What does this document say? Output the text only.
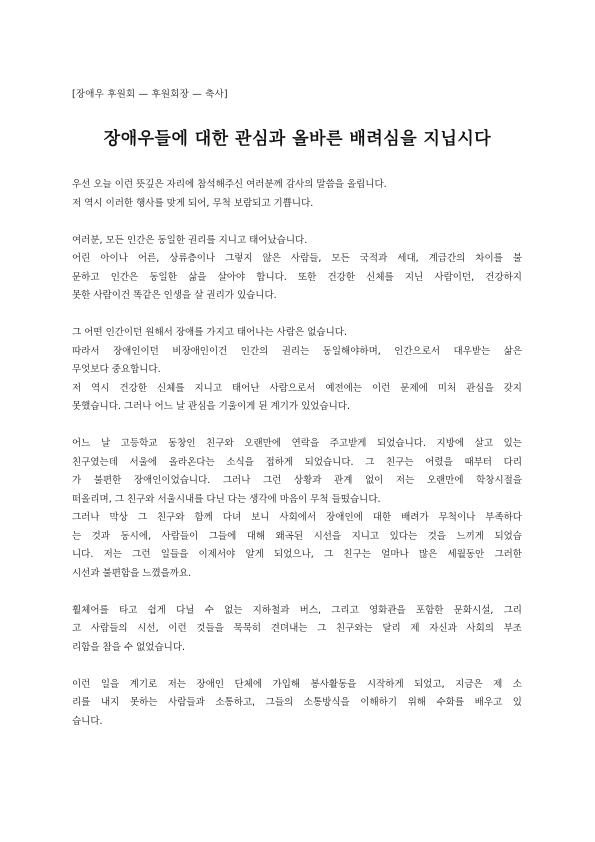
[장애우 후원회 — 후원회장 — 축사]
장애우들에 대한 관심과 올바른 배려심을 지닙시다

우선 오늘 이런 뜻깊은 자리에 참석해주신 여러분께 감사의 말씀을 올립니다.
저 역시 이러한 행사를 맞게 되어, 무척 보람되고 기쁩니다.

여러분, 모든 인간은 동일한 권리를 지니고 태어났습니다.
어린 아이나 어른, 상류층이나 그렇지 않은 사람들, 모든 국적과 세대, 계급간의 차이를 불
문하고 인간은 동일한 삶을 살아야 합니다. 또한 건강한 신체를 지닌 사람이던, 건강하지
못한 사람이건 똑같은 인생을 살 권리가 있습니다.

그 어떤 인간이던 원해서 장애를 가지고 태어나는 사람은 없습니다.
따라서 장애인이던 비장애인이건 인간의 권리는 동일해야하며, 인간으로서 대우받는 삶은
무엇보다 중요합니다.
저 역시 건강한 신체를 지니고 태어난 사람으로서 예전에는 이런 문제에 미처 관심을 갖지
못했습니다. 그러나 어느 날 관심을 기울이게 된 계기가 있었습니다.

어느 날 고등학교 동창인 친구와 오랜만에 연락을 주고받게 되었습니다. 지방에 살고 있는
친구였는데 서울에 올라온다는 소식을 접하게 되었습니다. 그 친구는 어렸을 때부터 다리
가 불편한 장애인이었습니다. 그러나 그런 상황과 관계 없이 저는 오랜만에 학창시절을
떠올리며, 그 친구와 서울시내를 다닌 다는 생각에 마음이 무척 들떴습니다.
그러나 막상 그 친구와 함께 다녀 보니 사회에서 장애인에 대한 배려가 무척이나 부족하다
는 것과 동시에, 사람들이 그들에 대해 왜곡된 시선을 지니고 있다는 것을 느끼게 되었습
니다. 저는 그런 일들을 이제서야 알게 되었으나, 그 친구는 얼마나 많은 세월동안 그러한
시선과 불편함을 느꼈을까요.

휠체어를 타고 쉽게 다닐 수 없는 지하철과 버스, 그리고 영화관을 포함한 문화시설, 그리
고 사람들의 시선, 이런 것들을 묵묵히 견뎌내는 그 친구와는 달리 제 자신과 사회의 부조
리함을 참을 수 없었습니다.

이런 일을 계기로 저는 장애인 단체에 가입해 봉사활동을 시작하게 되었고, 지금은 제 소
리를 내지 못하는 사람들과 소통하고, 그들의 소통방식을 이해하기 위해 수화를 배우고 있
습니다.
